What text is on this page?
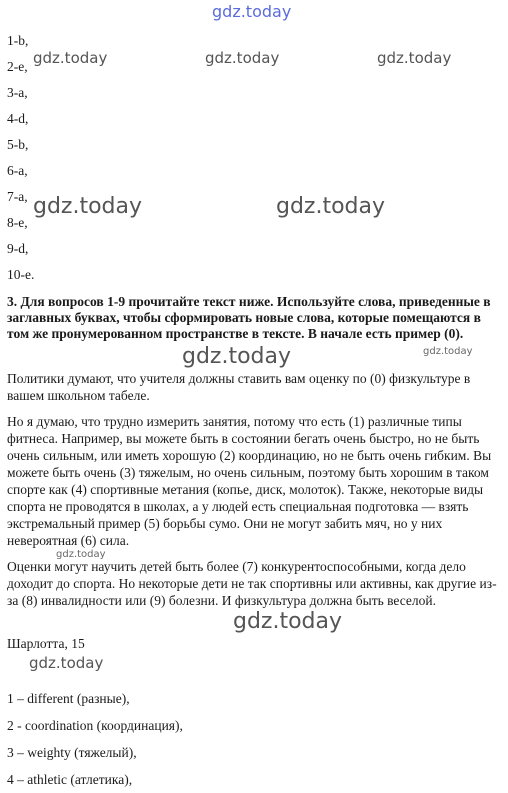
gdz.today
gdz.today	gdz.today	gdz.today
gdz.today	gdz.today
gdz.today	gdz.today
gdz.today
gdz.today
gdz.today
1-b,
2-e,
3-a,
4-d,
5-b,
6-a,
7-a,
8-e,
9-d,
10-e.
3. Для вопросов 1-9 прочитайте текст ниже. Используйте слова, приведенные в заглавных буквах, чтобы сформировать новые слова, которые помещаются в том же пронумерованном пространстве в тексте. В начале есть пример (0).
Политики думают, что учителя должны ставить вам оценку по (0) физкультуре в вашем школьном табеле.
Но я думаю, что трудно измерить занятия, потому что есть (1) различные типы фитнеса. Например, вы можете быть в состоянии бегать очень быстро, но не быть очень сильным, или иметь хорошую (2) координацию, но не быть очень гибким. Вы можете быть очень (3) тяжелым, но очень сильным, поэтому быть хорошим в таком спорте как (4) спортивные метания (копье, диск, молоток). Также, некоторые виды спорта не проводятся в школах, а у людей есть специальная подготовка — взять экстремальный пример (5) борьбы сумо. Они не могут забить мяч, но у них невероятная (6) сила.
Оценки могут научить детей быть более (7) конкурентоспособными, когда дело доходит до спорта. Но некоторые дети не так спортивны или активны, как другие из-за (8) инвалидности или (9) болезни. И физкультура должна быть веселой.
Шарлотта, 15
1 – different (разные),
2 - coordination (координация),
3 – weighty (тяжелый),
4 – athletic (атлетика),
